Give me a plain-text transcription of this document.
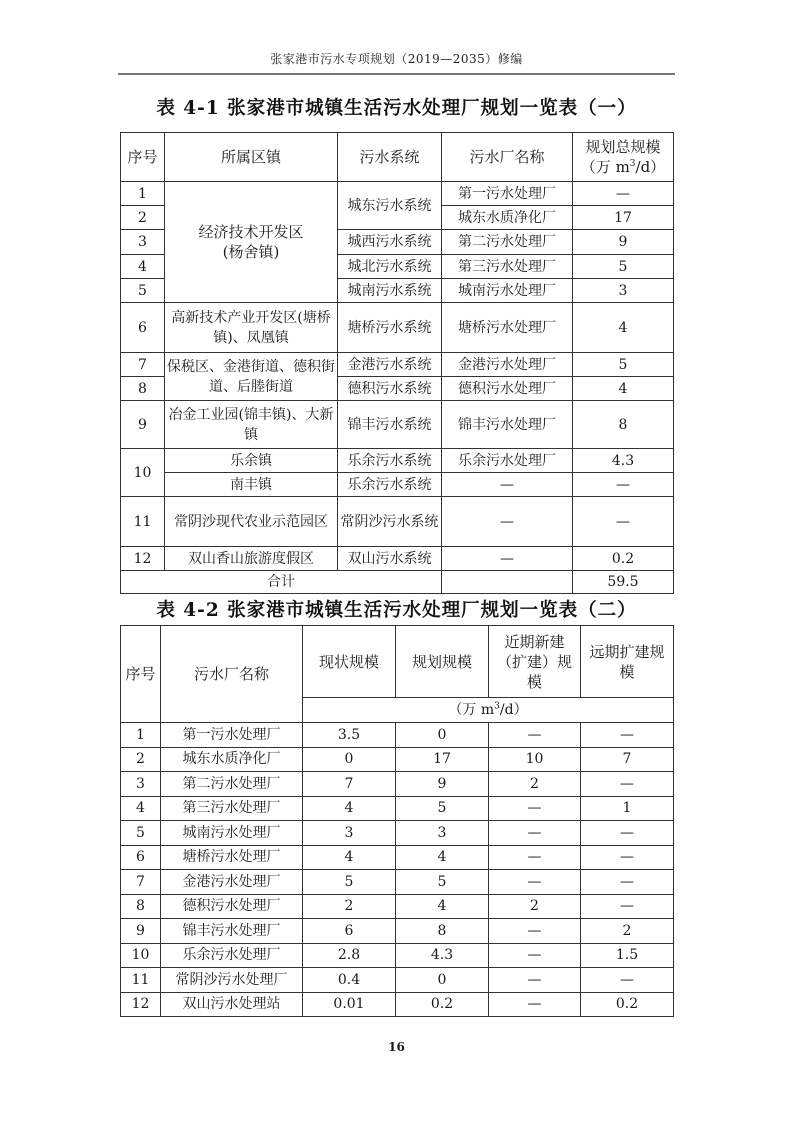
张家港市污水专项规划（2019—2035）修编
表 4-1 张家港市城镇生活污水处理厂规划一览表（一）
序号	所属区镇	污水系统	污水厂名称	规划总规模
（万 $m^3/d$）

1	经济技术开发区
(杨舍镇)	城东污水系统	第一污水处理厂	—
2			城东水质净化厂	17
3		城西污水系统	第二污水处理厂	9
4		城北污水系统	第三污水处理厂	5
5		城南污水系统	城南污水处理厂	3
6	高新技术产业开发区(塘桥镇)、凤凰镇	塘桥污水系统	塘桥污水处理厂	4
7	保税区、金港街道、德积街道、后塍街道	金港污水系统	金港污水处理厂	5
8		德积污水系统	德积污水处理厂	4
9	冶金工业园(锦丰镇)、大新镇	锦丰污水系统	锦丰污水处理厂	8
10	乐余镇	乐余污水系统	乐余污水处理厂	4.3
	南丰镇	乐余污水系统	—	—
11	常阴沙现代农业示范园区	常阴沙污水系统	—	—
12	双山香山旅游度假区	双山污水系统	—	0.2
合计				59.5
表 4-2 张家港市城镇生活污水处理厂规划一览表（二）
序号	污水厂名称	现状规模	规划规模	近期新建（扩建）规模	远期扩建规模
		（万 $m^3/d$）			
1	第一污水处理厂	3.5	0	—	—
2	城东水质净化厂	0	17	10	7
3	第二污水处理厂	7	9	2	—
4	第三污水处理厂	4	5	—	1
5	城南污水处理厂	3	3	—	—
6	塘桥污水处理厂	4	4	—	—
7	金港污水处理厂	5	5	—	—
8	德积污水处理厂	2	4	2	—
9	锦丰污水处理厂	6	8	—	2
10	乐余污水处理厂	2.8	4.3	—	1.5
11	常阴沙污水处理厂	0.4	0	—	—
12	双山污水处理站	0.01	0.2	—	0.2
16
